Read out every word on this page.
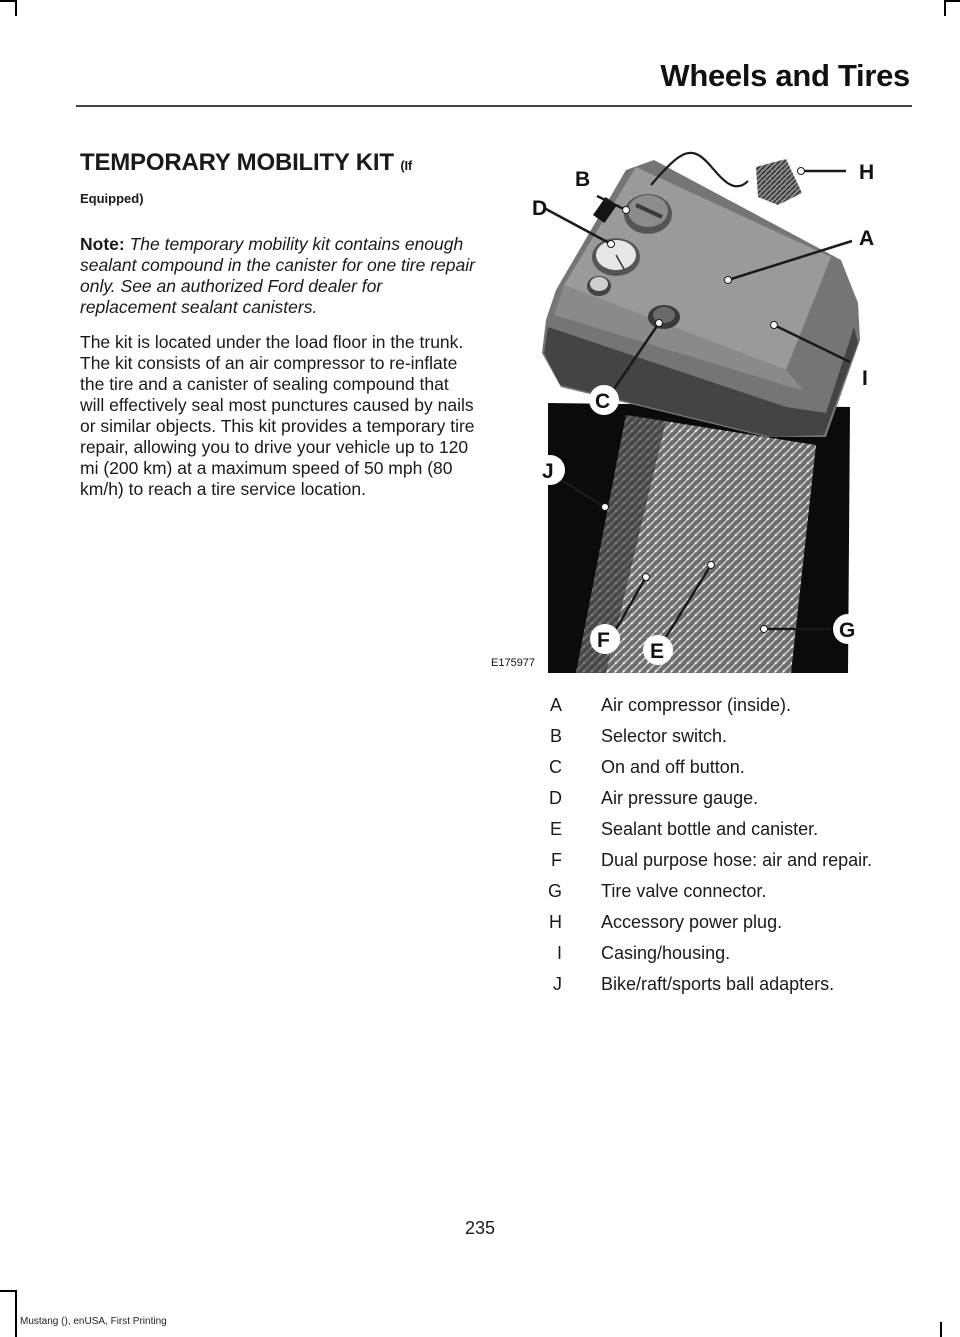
Wheels and Tires
TEMPORARY MOBILITY KIT (If
Equipped)
Note: The temporary mobility kit contains enough sealant compound in the canister for one tire repair only. See an authorized Ford dealer for replacement sealant canisters.
The kit is located under the load floor in the trunk. The kit consists of an air compressor to re-inflate the tire and a canister of sealing compound that will effectively seal most punctures caused by nails or similar objects. This kit provides a temporary tire repair, allowing you to drive your vehicle up to 120 mi (200 km) at a maximum speed of 50 mph (80 km/h) to reach a tire service location.
H
B
D
A
I
C
J
F E
G
E175977
A Air compressor (inside).
B Selector switch.
C On and off button.
D Air pressure gauge.
E Sealant bottle and canister.
F Dual purpose hose: air and repair.
G Tire valve connector.
H Accessory power plug.
I Casing/housing.
J Bike/raft/sports ball adapters.
235
Mustang (), enUSA, First Printing
